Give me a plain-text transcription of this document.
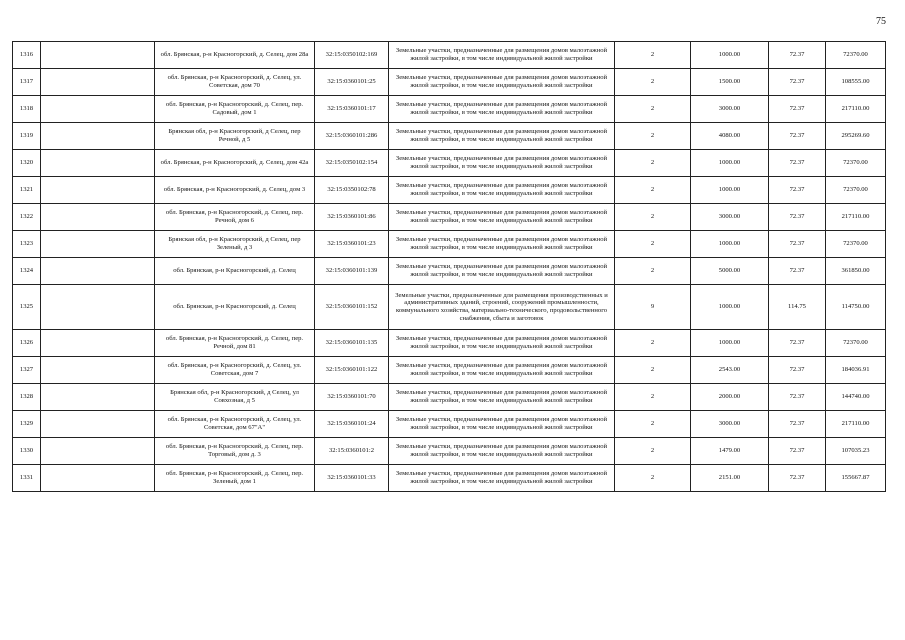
75
1316		обл. Брянская, р-н Красногорский, д. Селец, дом 28а	32:15:0350102:169	Земельные участки, предназначенные для размещения домов малоэтажной жилой застройки, в том числе индивидуальной жилой застройки	2	1000.00	72.37	72370.00
1317		обл. Брянская, р-н Красногорский, д. Селец, ул. Советская, дом 70	32:15:0360101:25	Земельные участки, предназначенные для размещения домов малоэтажной жилой застройки, в том числе индивидуальной жилой застройки	2	1500.00	72.37	108555.00
1318		обл. Брянская, р-н Красногорский, д. Селец, пер. Садовый, дом 1	32:15:0360101:17	Земельные участки, предназначенные для размещения домов малоэтажной жилой застройки, в том числе индивидуальной жилой застройки	2	3000.00	72.37	217110.00
1319		Брянская обл, р-н Красногорский, д Селец, пер Речной, д 5	32:15:0360101:286	Земельные участки, предназначенные для размещения домов малоэтажной жилой застройки, в том числе индивидуальной жилой застройки	2	4080.00	72.37	295269.60
1320		обл. Брянская, р-н Красногорский, д. Селец, дом 42а	32:15:0350102:154	Земельные участки, предназначенные для размещения домов малоэтажной жилой застройки, в том числе индивидуальной жилой застройки	2	1000.00	72.37	72370.00
1321		обл. Брянская, р-н Красногорский, д. Селец, дом 3	32:15:0350102:78	Земельные участки, предназначенные для размещения домов малоэтажной жилой застройки, в том числе индивидуальной жилой застройки	2	1000.00	72.37	72370.00
1322		обл. Брянская, р-н Красногорский, д. Селец, пер. Речной, дом 6	32:15:0360101:86	Земельные участки, предназначенные для размещения домов малоэтажной жилой застройки, в том числе индивидуальной жилой застройки	2	3000.00	72.37	217110.00
1323		Брянская обл, р-н Красногорский, д Селец, пер Зеленый, д 3	32:15:0360101:23	Земельные участки, предназначенные для размещения домов малоэтажной жилой застройки, в том числе индивидуальной жилой застройки	2	1000.00	72.37	72370.00
1324		обл. Брянская, р-н Красногорский, д. Селец	32:15:0360101:139	Земельные участки, предназначенные для размещения домов малоэтажной жилой застройки, в том числе индивидуальной жилой застройки	2	5000.00	72.37	361850.00
1325		обл. Брянская, р-н Красногорский, д. Селец	32:15:0360101:152	Земельные участки, предназначенные для размещения производственных и административных зданий, строений, сооружений промышленности, коммунального хозяйства, материально-технического, продовольственного снабжения, сбыта и заготовок	9	1000.00	114.75	114750.00
1326		обл. Брянская, р-н Красногорский, д. Селец, пер. Речной, дом 81	32:15:0360101:135	Земельные участки, предназначенные для размещения домов малоэтажной жилой застройки, в том числе индивидуальной жилой застройки	2	1000.00	72.37	72370.00
1327		обл. Брянская, р-н Красногорский, д. Селец, ул. Советская, дом 7	32:15:0360101:122	Земельные участки, предназначенные для размещения домов малоэтажной жилой застройки, в том числе индивидуальной жилой застройки	2	2543.00	72.37	184036.91
1328		Брянская обл, р-н Красногорский, д Селец, ул Совхозная, д 5	32:15:0360101:70	Земельные участки, предназначенные для размещения домов малоэтажной жилой застройки, в том числе индивидуальной жилой застройки	2	2000.00	72.37	144740.00
1329		обл. Брянская, р-н Красногорский, д. Селец, ул. Советская, дом 67"А"	32:15:0360101:24	Земельные участки, предназначенные для размещения домов малоэтажной жилой застройки, в том числе индивидуальной жилой застройки	2	3000.00	72.37	217110.00
1330		обл. Брянская, р-н Красногорский, д. Селец, пер. Торговый, дом д. 3	32:15:0360101:2	Земельные участки, предназначенные для размещения домов малоэтажной жилой застройки, в том числе индивидуальной жилой застройки	2	1479.00	72.37	107035.23
1331		обл. Брянская, р-н Красногорский, д. Селец, пер. Зеленый, дом 1	32:15:0360101:33	Земельные участки, предназначенные для размещения домов малоэтажной жилой застройки, в том числе индивидуальной жилой застройки	2	2151.00	72.37	155667.87
